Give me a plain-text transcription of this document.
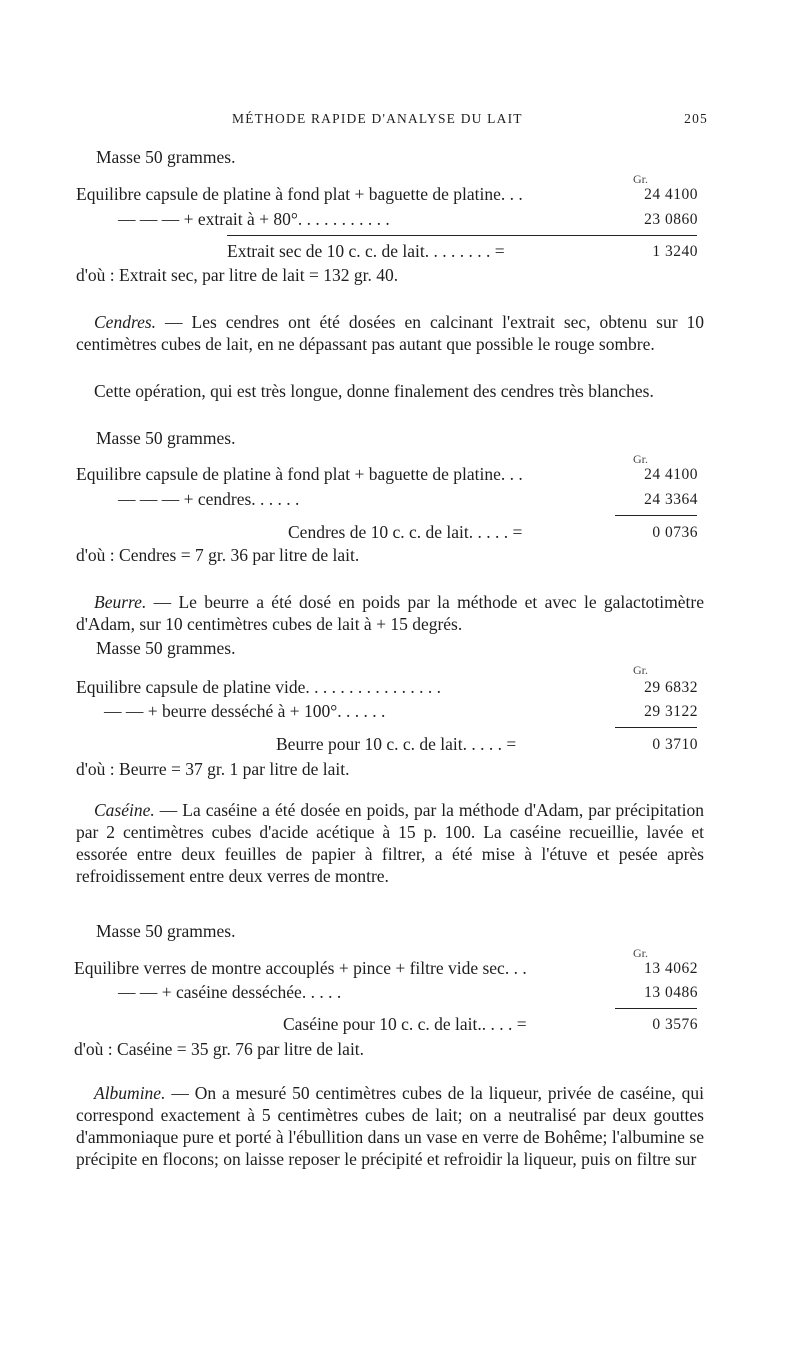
MÉTHODE RAPIDE D'ANALYSE DU LAIT	205
Masse 50 grammes.
Gr.
Equilibre capsule de platine à fond plat + baguette de platine. . .	24 4100
— — — + extrait à + 80°. . . . . . . . . . .	23 0860
Extrait sec de 10 c. c. de lait. . . . . . . . =	1 3240
d'où : Extrait sec, par litre de lait = 132 gr. 40.
Cendres. — Les cendres ont été dosées en calcinant l'extrait sec, obtenu sur 10 centimètres cubes de lait, en ne dépassant pas autant que possible le rouge sombre.
Cette opération, qui est très longue, donne finalement des cendres très blanches.
Masse 50 grammes.
Gr.
Equilibre capsule de platine à fond plat + baguette de platine. . .	24 4100
— — — + cendres. . . . . .	24 3364
Cendres de 10 c. c. de lait. . . . . =	0 0736
d'où : Cendres = 7 gr. 36 par litre de lait.
Beurre. — Le beurre a été dosé en poids par la méthode et avec le galactotimètre d'Adam, sur 10 centimètres cubes de lait à + 15 degrés.
Masse 50 grammes.
Gr.
Equilibre capsule de platine vide. . . . . . . . . . . . . . . .	29 6832
— — + beurre desséché à + 100°. . . . . .	29 3122
Beurre pour 10 c. c. de lait. . . . . =	0 3710
d'où : Beurre = 37 gr. 1 par litre de lait.
Caséine. — La caséine a été dosée en poids, par la méthode d'Adam, par précipitation par 2 centimètres cubes d'acide acétique à 15 p. 100. La caséine recueillie, lavée et essorée entre deux feuilles de papier à filtrer, a été mise à l'étuve et pesée après refroidissement entre deux verres de montre.
Masse 50 grammes.
Gr.
Equilibre verres de montre accouplés + pince + filtre vide sec. . .	13 4062
— — + caséine desséchée. . . . .	13 0486
Caséine pour 10 c. c. de lait.. . . . =	0 3576
d'où : Caséine = 35 gr. 76 par litre de lait.
Albumine. — On a mesuré 50 centimètres cubes de la liqueur, privée de caséine, qui correspond exactement à 5 centimètres cubes de lait; on a neutralisé par deux gouttes d'ammoniaque pure et porté à l'ébullition dans un vase en verre de Bohême; l'albumine se précipite en flocons; on laisse reposer le précipité et refroidir la liqueur, puis on filtre sur
